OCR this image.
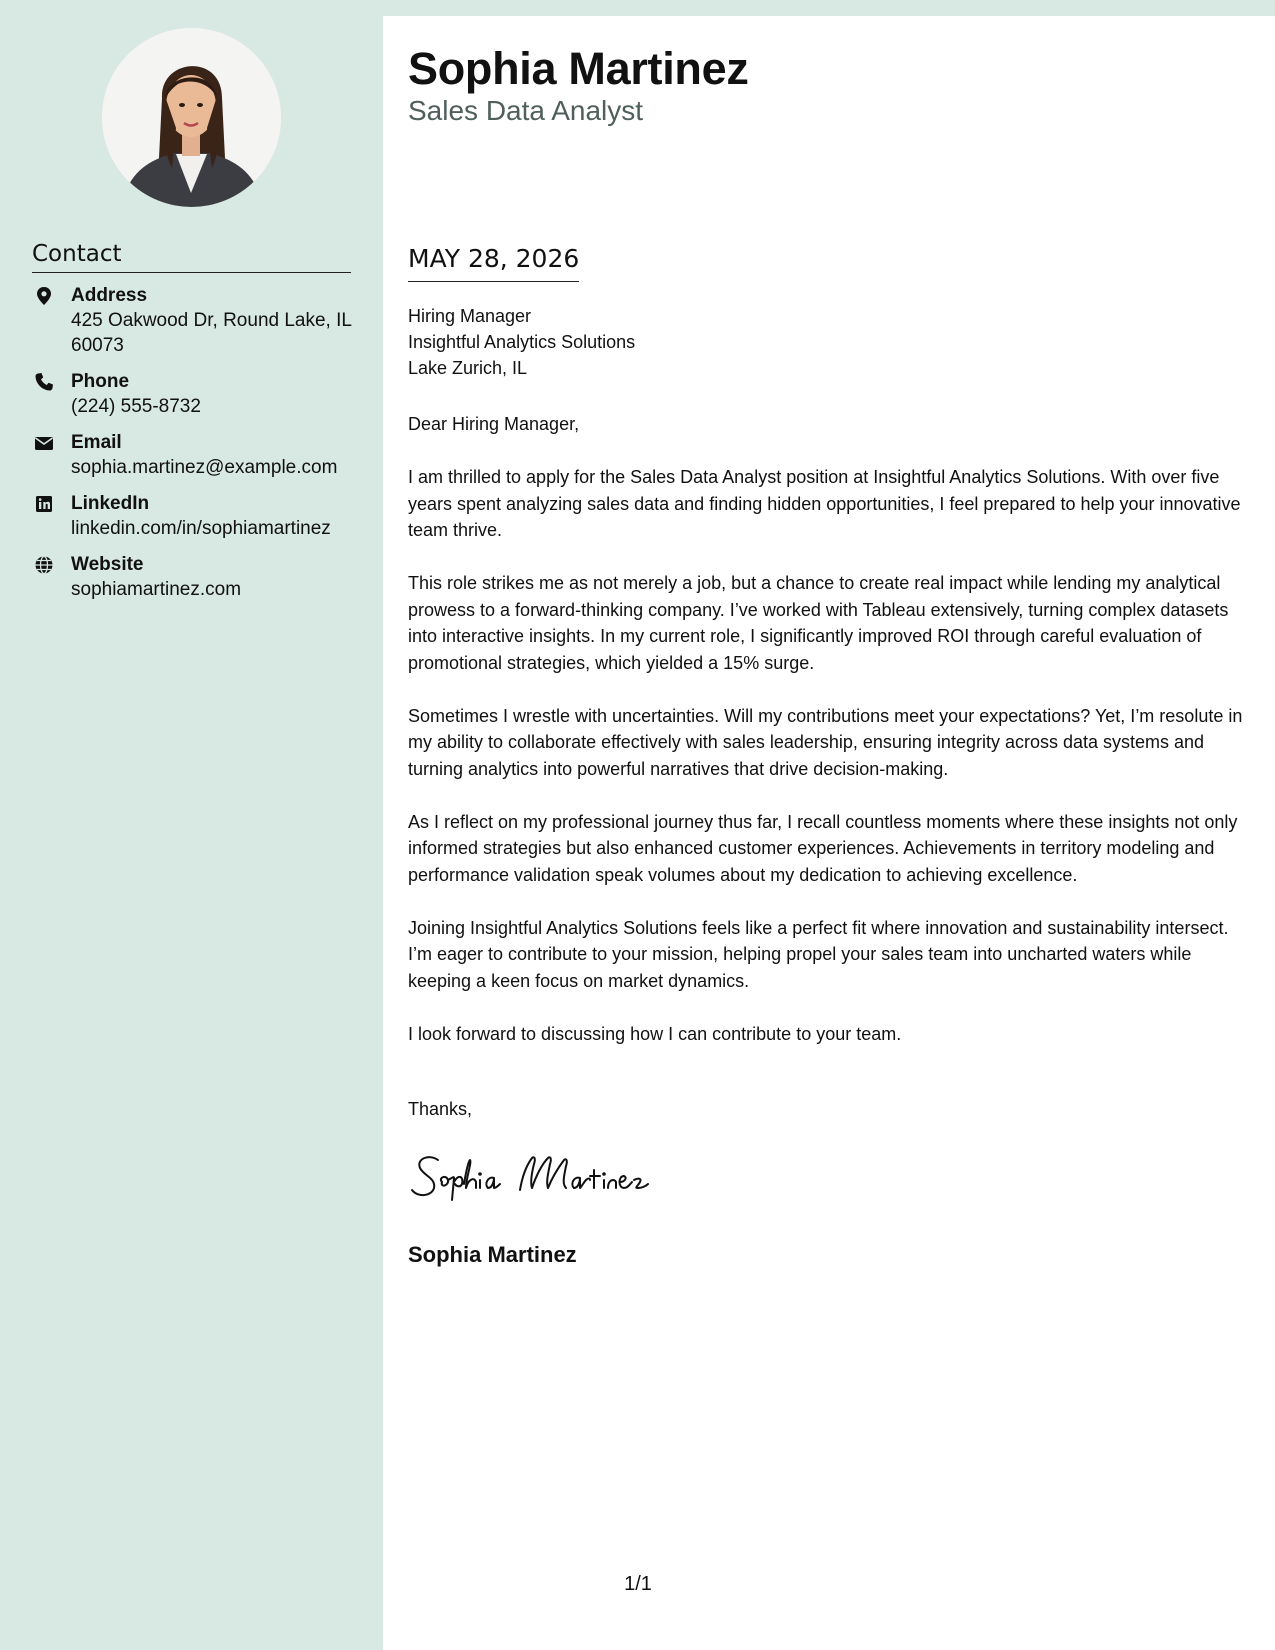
Contact
Address
425 Oakwood Dr, Round Lake, IL 60073
Phone
(224) 555-8732
Email
sophia.martinez@example.com
LinkedIn
linkedin.com/in/sophiamartinez
Website
sophiamartinez.com
Sophia Martinez
Sales Data Analyst
MAY 28, 2026
Hiring Manager
Insightful Analytics Solutions
Lake Zurich, IL

Dear Hiring Manager,

I am thrilled to apply for the Sales Data Analyst position at Insightful Analytics Solutions. With over five years spent analyzing sales data and finding hidden opportunities, I feel prepared to help your innovative team thrive.

This role strikes me as not merely a job, but a chance to create real impact while lending my analytical prowess to a forward-thinking company. I’ve worked with Tableau extensively, turning complex datasets into interactive insights. In my current role, I significantly improved ROI through careful evaluation of promotional strategies, which yielded a 15% surge.

Sometimes I wrestle with uncertainties. Will my contributions meet your expectations? Yet, I’m resolute in my ability to collaborate effectively with sales leadership, ensuring integrity across data systems and turning analytics into powerful narratives that drive decision-making.

As I reflect on my professional journey thus far, I recall countless moments where these insights not only informed strategies but also enhanced customer experiences. Achievements in territory modeling and performance validation speak volumes about my dedication to achieving excellence.

Joining Insightful Analytics Solutions feels like a perfect fit where innovation and sustainability intersect. I’m eager to contribute to your mission, helping propel your sales team into uncharted waters while keeping a keen focus on market dynamics.

I look forward to discussing how I can contribute to your team.

Thanks,
Sophia Martinez
1/1
